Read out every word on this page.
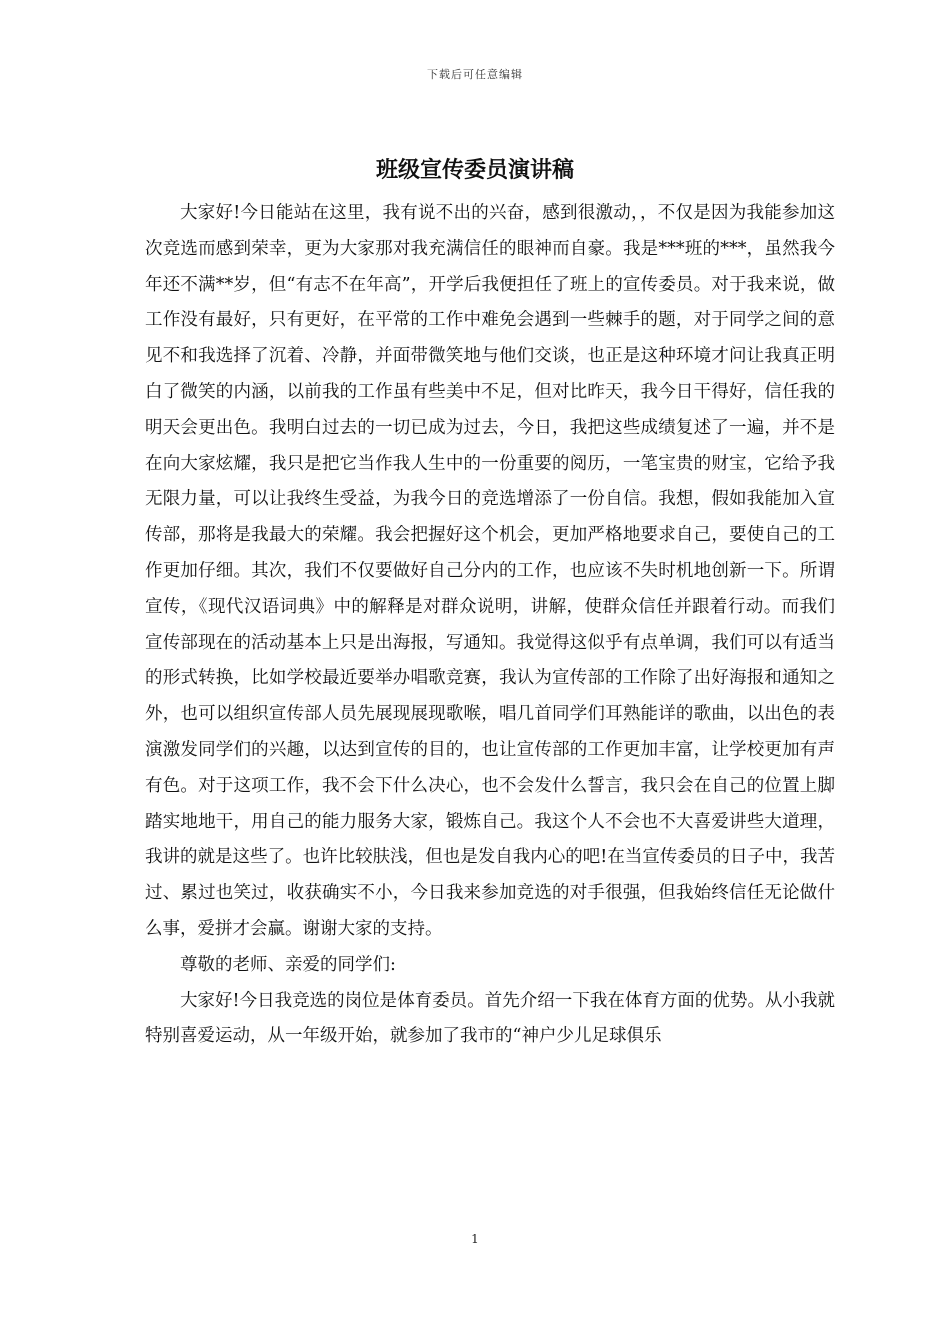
下载后可任意编辑
班级宣传委员演讲稿

大家好!今日能站在这里，我有说不出的兴奋，感到很激动，，不仅是因为我能参加这次竞选而感到荣幸，更为大家那对我充满信任的眼神而自豪。我是***班的***，虽然我今年还不满**岁，但“有志不在年高”，开学后我便担任了班上的宣传委员。对于我来说，做工作没有最好，只有更好，在平常的工作中难免会遇到一些棘手的题，对于同学之间的意见不和我选择了沉着、冷静，并面带微笑地与他们交谈，也正是这种环境才问让我真正明白了微笑的内涵，以前我的工作虽有些美中不足，但对比昨天，我今日干得好，信任我的明天会更出色。我明白过去的一切已成为过去，今日，我把这些成绩复述了一遍，并不是在向大家炫耀，我只是把它当作我人生中的一份重要的阅历，一笔宝贵的财宝，它给予我无限力量，可以让我终生受益，为我今日的竞选增添了一份自信。我想，假如我能加入宣传部，那将是我最大的荣耀。我会把握好这个机会，更加严格地要求自己，要使自己的工作更加仔细。其次，我们不仅要做好自己分内的工作，也应该不失时机地创新一下。所谓宣传，《现代汉语词典》中的解释是对群众说明，讲解，使群众信任并跟着行动。而我们宣传部现在的活动基本上只是出海报，写通知。我觉得这似乎有点单调，我们可以有适当的形式转换，比如学校最近要举办唱歌竞赛，我认为宣传部的工作除了出好海报和通知之外，也可以组织宣传部人员先展现展现歌喉，唱几首同学们耳熟能详的歌曲，以出色的表演激发同学们的兴趣，以达到宣传的目的，也让宣传部的工作更加丰富，让学校更加有声有色。对于这项工作，我不会下什么决心，也不会发什么誓言，我只会在自己的位置上脚踏实地地干，用自己的能力服务大家，锻炼自己。我这个人不会也不大喜爱讲些大道理，我讲的就是这些了。也许比较肤浅，但也是发自我内心的吧!在当宣传委员的日子中，我苦过、累过也笑过，收获确实不小，今日我来参加竞选的对手很强，但我始终信任无论做什么事，爱拼才会赢。谢谢大家的支持。

尊敬的老师、亲爱的同学们:

大家好!今日我竞选的岗位是体育委员。首先介绍一下我在体育方面的优势。从小我就特别喜爱运动，从一年级开始，就参加了我市的“神户少儿足球俱乐

1
